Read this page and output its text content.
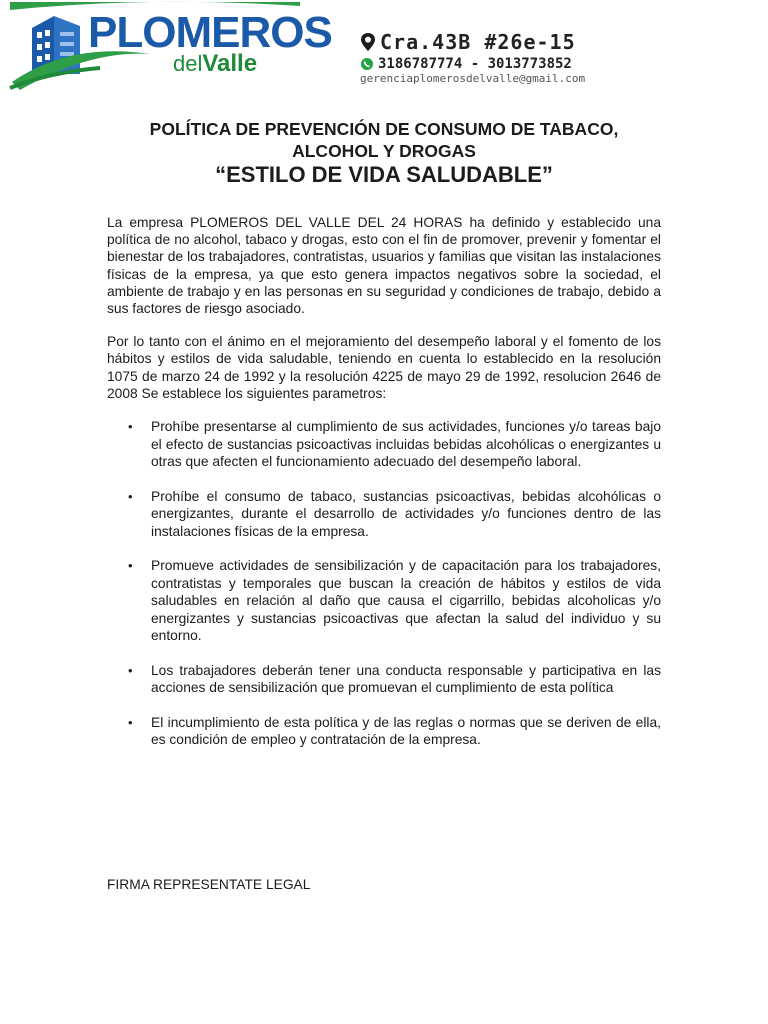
PLOMEROS
delValle
Cra.43B #26e-15
3186787774 - 3013773852
gerenciaplomerosdelvalle@gmail.com
POLÍTICA DE PREVENCIÓN DE CONSUMO DE TABACO, ALCOHOL Y DROGAS
“ESTILO DE VIDA SALUDABLE”

La empresa PLOMEROS DEL VALLE DEL 24 HORAS ha definido y establecido una política de no alcohol, tabaco y drogas, esto con el fin de promover, prevenir y fomentar el bienestar de los trabajadores, contratistas, usuarios y familias que visitan las instalaciones físicas de la empresa, ya que esto genera impactos negativos sobre la sociedad, el ambiente de trabajo y en las personas en su seguridad y condiciones de trabajo, debido a sus factores de riesgo asociado.

Por lo tanto con el ánimo en el mejoramiento del desempeño laboral y el fomento de los hábitos y estilos de vida saludable, teniendo en cuenta lo establecido en la resolución 1075 de marzo 24 de 1992 y la resolución 4225 de mayo 29 de 1992, resolucion 2646 de 2008 Se establece los siguientes parametros:

• Prohíbe presentarse al cumplimiento de sus actividades, funciones y/o tareas bajo el efecto de sustancias psicoactivas incluidas bebidas alcohólicas o energizantes u otras que afecten el funcionamiento adecuado del desempeño laboral.
• Prohíbe el consumo de tabaco, sustancias psicoactivas, bebidas alcohólicas o energizantes, durante el desarrollo de actividades y/o funciones dentro de las instalaciones físicas de la empresa.
• Promueve actividades de sensibilización y de capacitación para los trabajadores, contratistas y temporales que buscan la creación de hábitos y estilos de vida saludables en relación al daño que causa el cigarrillo, bebidas alcoholicas y/o energizantes y sustancias psicoactivas que afectan la salud del individuo y su entorno.
• Los trabajadores deberán tener una conducta responsable y participativa en las acciones de sensibilización que promuevan el cumplimiento de esta política
• El incumplimiento de esta política y de las reglas o normas que se deriven de ella, es condición de empleo y contratación de la empresa.
FIRMA REPRESENTATE LEGAL
